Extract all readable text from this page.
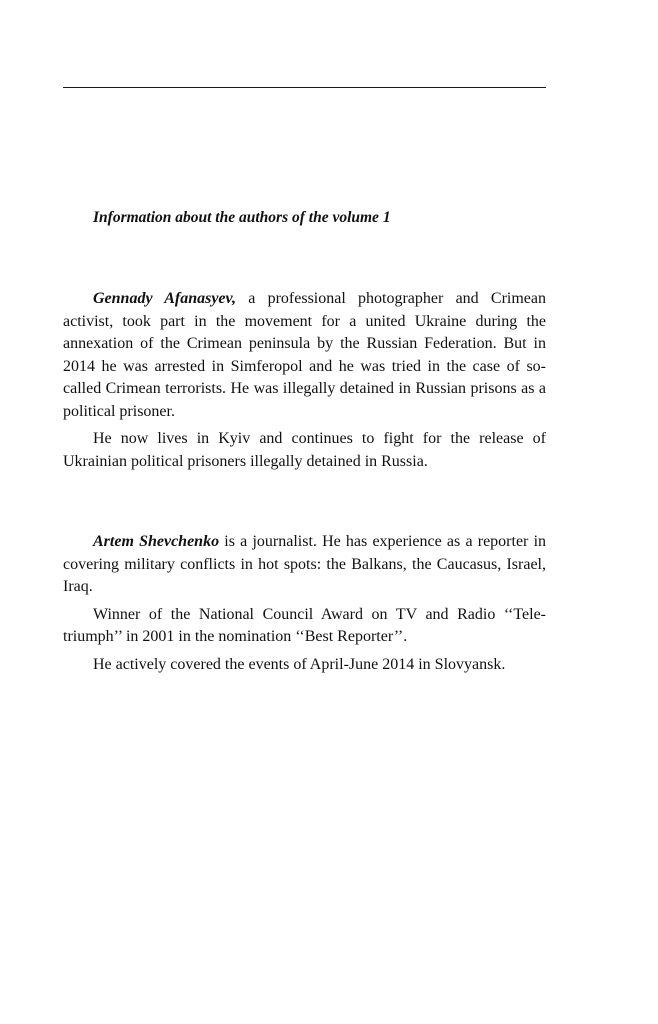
Information about the authors of the volume 1

Gennady Afanasyev, a professional photographer and Crimean activist, took part in the movement for a united Ukraine during the annexation of the Crimean peninsula by the Russian Federation. But in 2014 he was arrested in Simferopol and he was tried in the case of so-called Crimean terrorists. He was illegally detained in Russian prisons as a political prisoner.

He now lives in Kyiv and continues to fight for the release of Ukrainian political prisoners illegally detained in Russia.

Artem Shevchenko is a journalist. He has experience as a reporter in covering military conflicts in hot spots: the Balkans, the Caucasus, Israel, Iraq.

Winner of the National Council Award on TV and Radio ‘‘Tele-triumph’’ in 2001 in the nomination ‘‘Best Reporter’’.

He actively covered the events of April-June 2014 in Slovyansk.
